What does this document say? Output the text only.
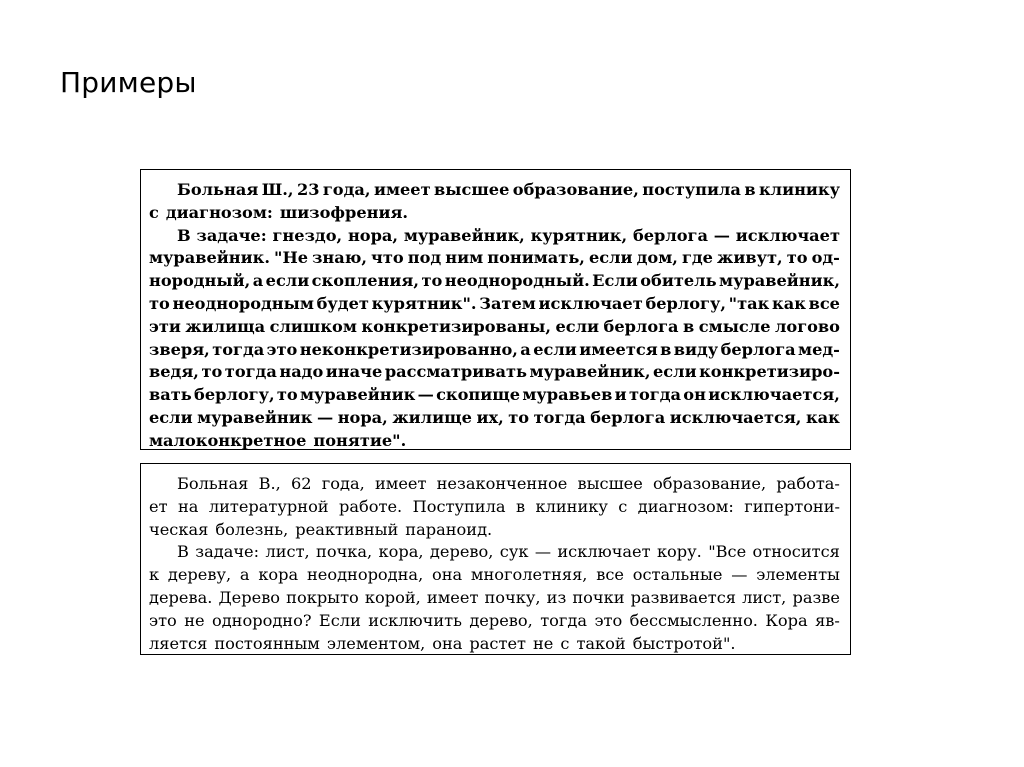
Примеры
Больная Ш., 23 года, имеет высшее образование, поступила в клинику
с диагнозом: шизофрения.
В задаче: гнездо, нора, муравейник, курятник, берлога — исключает
муравейник. "Не знаю, что под ним понимать, если дом, где живут, то од-
нородный, а если скопления, то неоднородный. Если обитель муравейник,
то неоднородным будет курятник". Затем исключает берлогу, "так как все
эти жилища слишком конкретизированы, если берлога в смысле логово
зверя, тогда это неконкретизированно, а если имеется в виду берлога мед-
ведя, то тогда надо иначе рассматривать муравейник, если конкретизиро-
вать берлогу, то муравейник — скопище муравьев и тогда он исключается,
если муравейник — нора, жилище их, то тогда берлога исключается, как
малоконкретное понятие".
Больная В., 62 года, имеет незаконченное высшее образование, работа-
ет на литературной работе. Поступила в клинику с диагнозом: гипертони-
ческая болезнь, реактивный параноид.
В задаче: лист, почка, кора, дерево, сук — исключает кору. "Все относится
к дереву, а кора неоднородна, она многолетняя, все остальные — элементы
дерева. Дерево покрыто корой, имеет почку, из почки развивается лист, разве
это не однородно? Если исключить дерево, тогда это бессмысленно. Кора яв-
ляется постоянным элементом, она растет не с такой быстротой".
